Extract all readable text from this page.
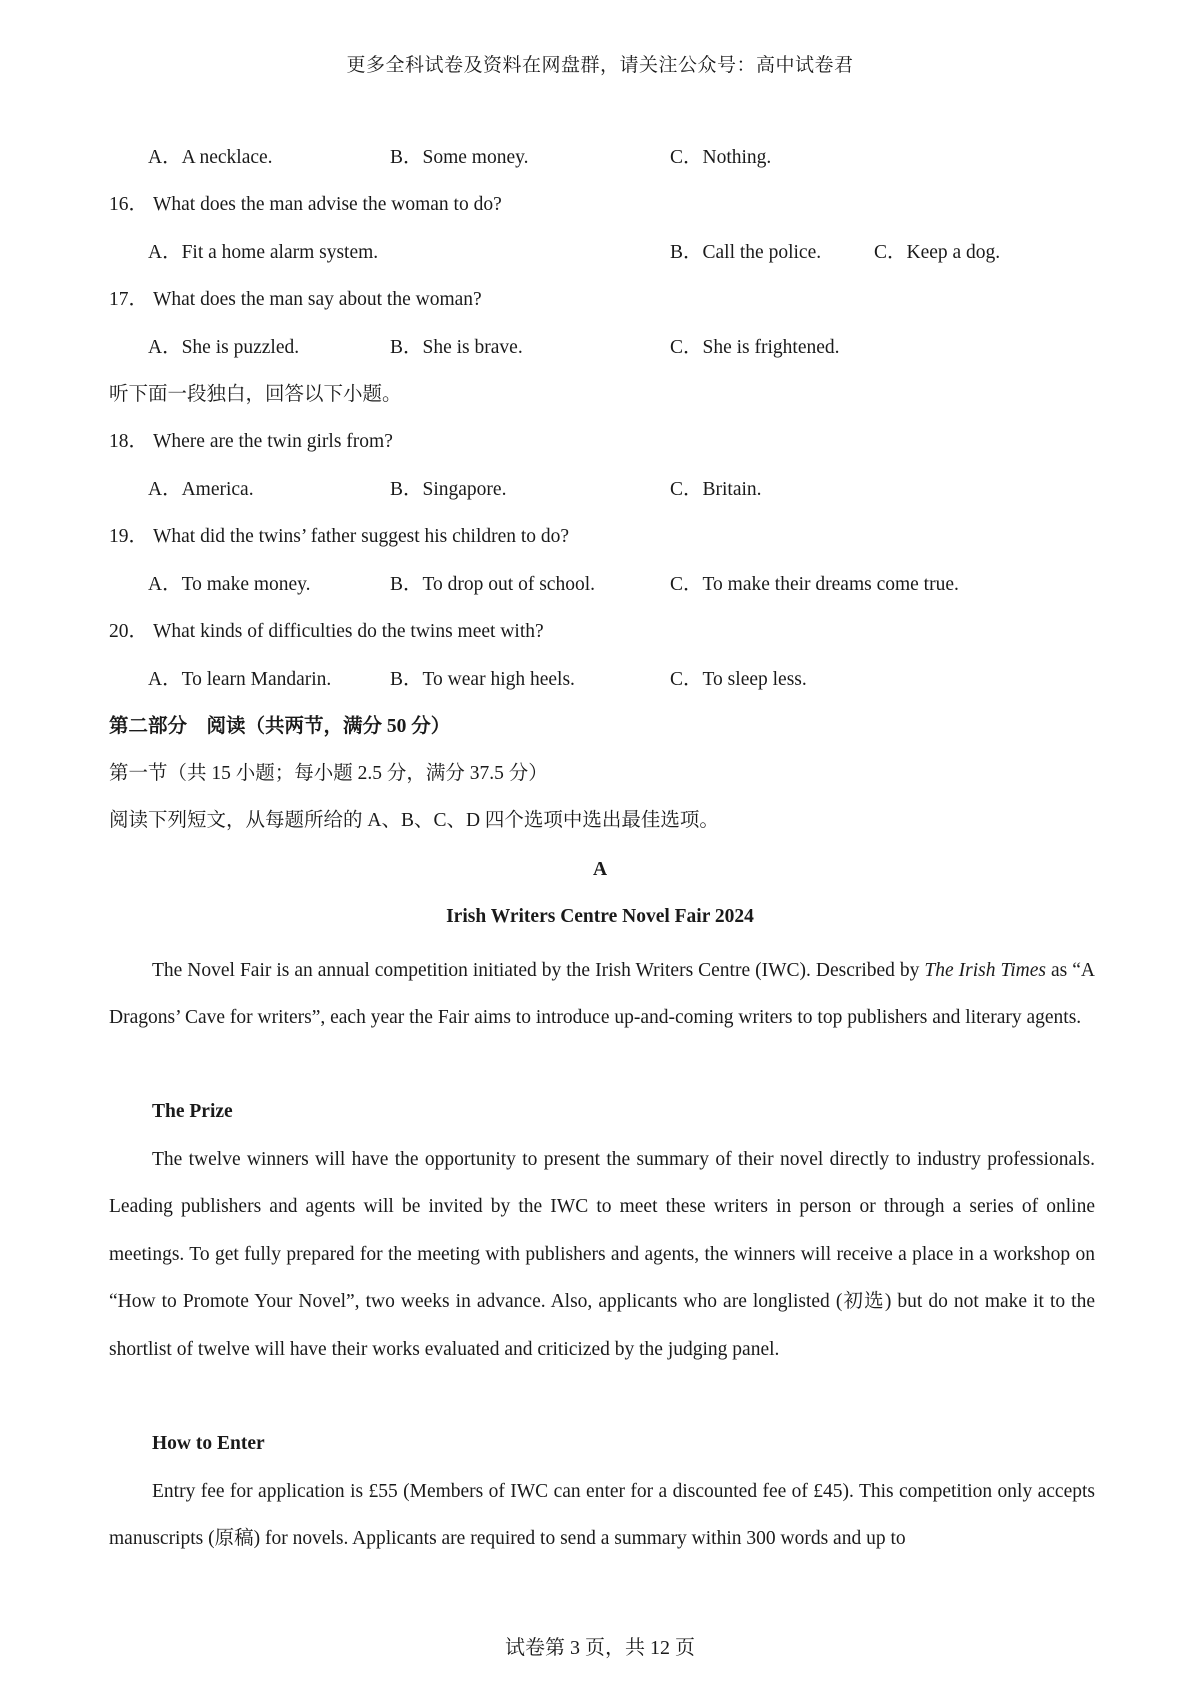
更多全科试卷及资料在网盘群，请关注公众号：高中试卷君
A．A necklace.	B．Some money.	C．Nothing.
16． What does the man advise the woman to do?
A．Fit a home alarm system.	B．Call the police.	C．Keep a dog.
17． What does the man say about the woman?
A．She is puzzled.	B．She is brave.	C．She is frightened.
听下面一段独白，回答以下小题。
18． Where are the twin girls from?
A．America.	B．Singapore.	C．Britain.
19． What did the twins’ father suggest his children to do?
A．To make money.	B．To drop out of school.	C．To make their dreams come true.
20． What kinds of difficulties do the twins meet with?
A．To learn Mandarin.	B．To wear high heels.	C．To sleep less.
第二部分　阅读（共两节，满分 50 分）
第一节（共 15 小题；每小题 2.5 分，满分 37.5 分）
阅读下列短文，从每题所给的 A、B、C、D 四个选项中选出最佳选项。
A
Irish Writers Centre Novel Fair 2024
The Novel Fair is an annual competition initiated by the Irish Writers Centre (IWC). Described by The Irish Times as “A Dragons’ Cave for writers”, each year the Fair aims to introduce up-and-coming writers to top publishers and literary agents.
The Prize
The twelve winners will have the opportunity to present the summary of their novel directly to industry professionals. Leading publishers and agents will be invited by the IWC to meet these writers in person or through a series of online meetings. To get fully prepared for the meeting with publishers and agents, the winners will receive a place in a workshop on “How to Promote Your Novel”, two weeks in advance. Also, applicants who are longlisted (初选) but do not make it to the shortlist of twelve will have their works evaluated and criticized by the judging panel.
How to Enter
Entry fee for application is £55 (Members of IWC can enter for a discounted fee of £45). This competition only accepts manuscripts (原稿) for novels. Applicants are required to send a summary within 300 words and up to
试卷第 3 页，共 12 页
